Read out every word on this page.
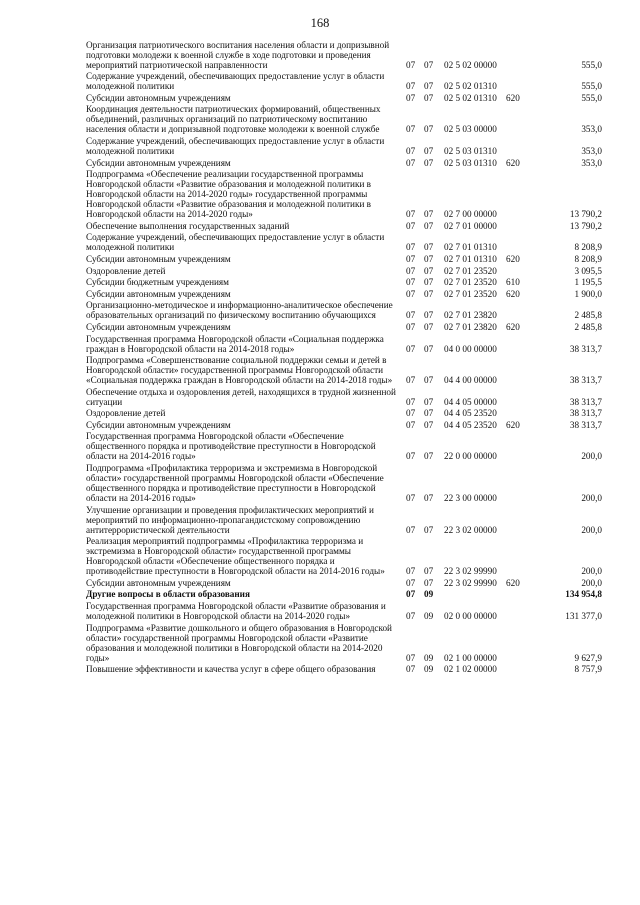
168
Организация патриотического воспитания населения области и допризывной подготовки молодежи к военной службе в ходе подготовки и проведения мероприятий патриотической направленности	07	07	02 5 02 00000		555,0
Содержание учреждений, обеспечивающих предоставление услуг в области молодежной политики	07	07	02 5 02 01310		555,0
Субсидии автономным учреждениям	07	07	02 5 02 01310	620	555,0
Координация деятельности патриотических формирований, общественных объединений, различных организаций по патриотическому воспитанию населения области и допризывной подготовке молодежи к военной службе	07	07	02 5 03 00000		353,0
Содержание учреждений, обеспечивающих предоставление услуг в области молодежной политики	07	07	02 5 03 01310		353,0
Субсидии автономным учреждениям	07	07	02 5 03 01310	620	353,0
Подпрограмма «Обеспечение реализации государственной программы Новгородской области «Развитие образования и молодежной политики в Новгородской области на 2014-2020 годы» государственной программы Новгородской области «Развитие образования и молодежной политики в Новгородской области на 2014-2020 годы»	07	07	02 7 00 00000		13 790,2
Обеспечение выполнения государственных заданий	07	07	02 7 01 00000		13 790,2
Содержание учреждений, обеспечивающих предоставление услуг в области молодежной политики	07	07	02 7 01 01310		8 208,9
Субсидии автономным учреждениям	07	07	02 7 01 01310	620	8 208,9
Оздоровление детей	07	07	02 7 01 23520		3 095,5
Субсидии бюджетным учреждениям	07	07	02 7 01 23520	610	1 195,5
Субсидии автономным учреждениям	07	07	02 7 01 23520	620	1 900,0
Организационно-методическое и информационно-аналитическое обеспечение образовательных организаций по физическому воспитанию обучающихся	07	07	02 7 01 23820		2 485,8
Субсидии автономным учреждениям	07	07	02 7 01 23820	620	2 485,8
Государственная программа Новгородской области «Социальная поддержка граждан в Новгородской области на 2014-2018 годы»	07	07	04 0 00 00000		38 313,7
Подпрограмма «Совершенствование социальной поддержки семьи и детей в Новгородской области» государственной программы Новгородской области «Социальная поддержка граждан в Новгородской области на 2014-2018 годы»	07	07	04 4 00 00000		38 313,7
Обеспечение отдыха и оздоровления детей, находящихся в трудной жизненной ситуации	07	07	04 4 05 00000		38 313,7
Оздоровление детей	07	07	04 4 05 23520		38 313,7
Субсидии автономным учреждениям	07	07	04 4 05 23520	620	38 313,7
Государственная программа Новгородской области «Обеспечение общественного порядка и противодействие преступности в Новгородской области на 2014-2016 годы»	07	07	22 0 00 00000		200,0
Подпрограмма «Профилактика терроризма и экстремизма в Новгородской области» государственной программы Новгородской области «Обеспечение общественного порядка и противодействие преступности в Новгородской области на 2014-2016 годы»	07	07	22 3 00 00000		200,0
Улучшение организации и проведения профилактических мероприятий и мероприятий по информационно-пропагандистскому сопровождению антитеррористической деятельности	07	07	22 3 02 00000		200,0
Реализация мероприятий подпрограммы «Профилактика терроризма и экстремизма в Новгородской области» государственной программы Новгородской области «Обеспечение общественного порядка и противодействие преступности в Новгородской области на 2014-2016 годы»	07	07	22 3 02 99990		200,0
Субсидии автономным учреждениям	07	07	22 3 02 99990	620	200,0
Другие вопросы в области образования	07	09			134 954,8
Государственная программа Новгородской области «Развитие образования и молодежной политики в Новгородской области на 2014-2020 годы»	07	09	02 0 00 00000		131 377,0
Подпрограмма «Развитие дошкольного и общего образования в Новгородской области» государственной программы Новгородской области «Развитие образования и молодежной политики в Новгородской области на 2014-2020 годы»	07	09	02 1 00 00000		9 627,9
Повышение эффективности и качества услуг в сфере общего образования	07	09	02 1 02 00000		8 757,9
